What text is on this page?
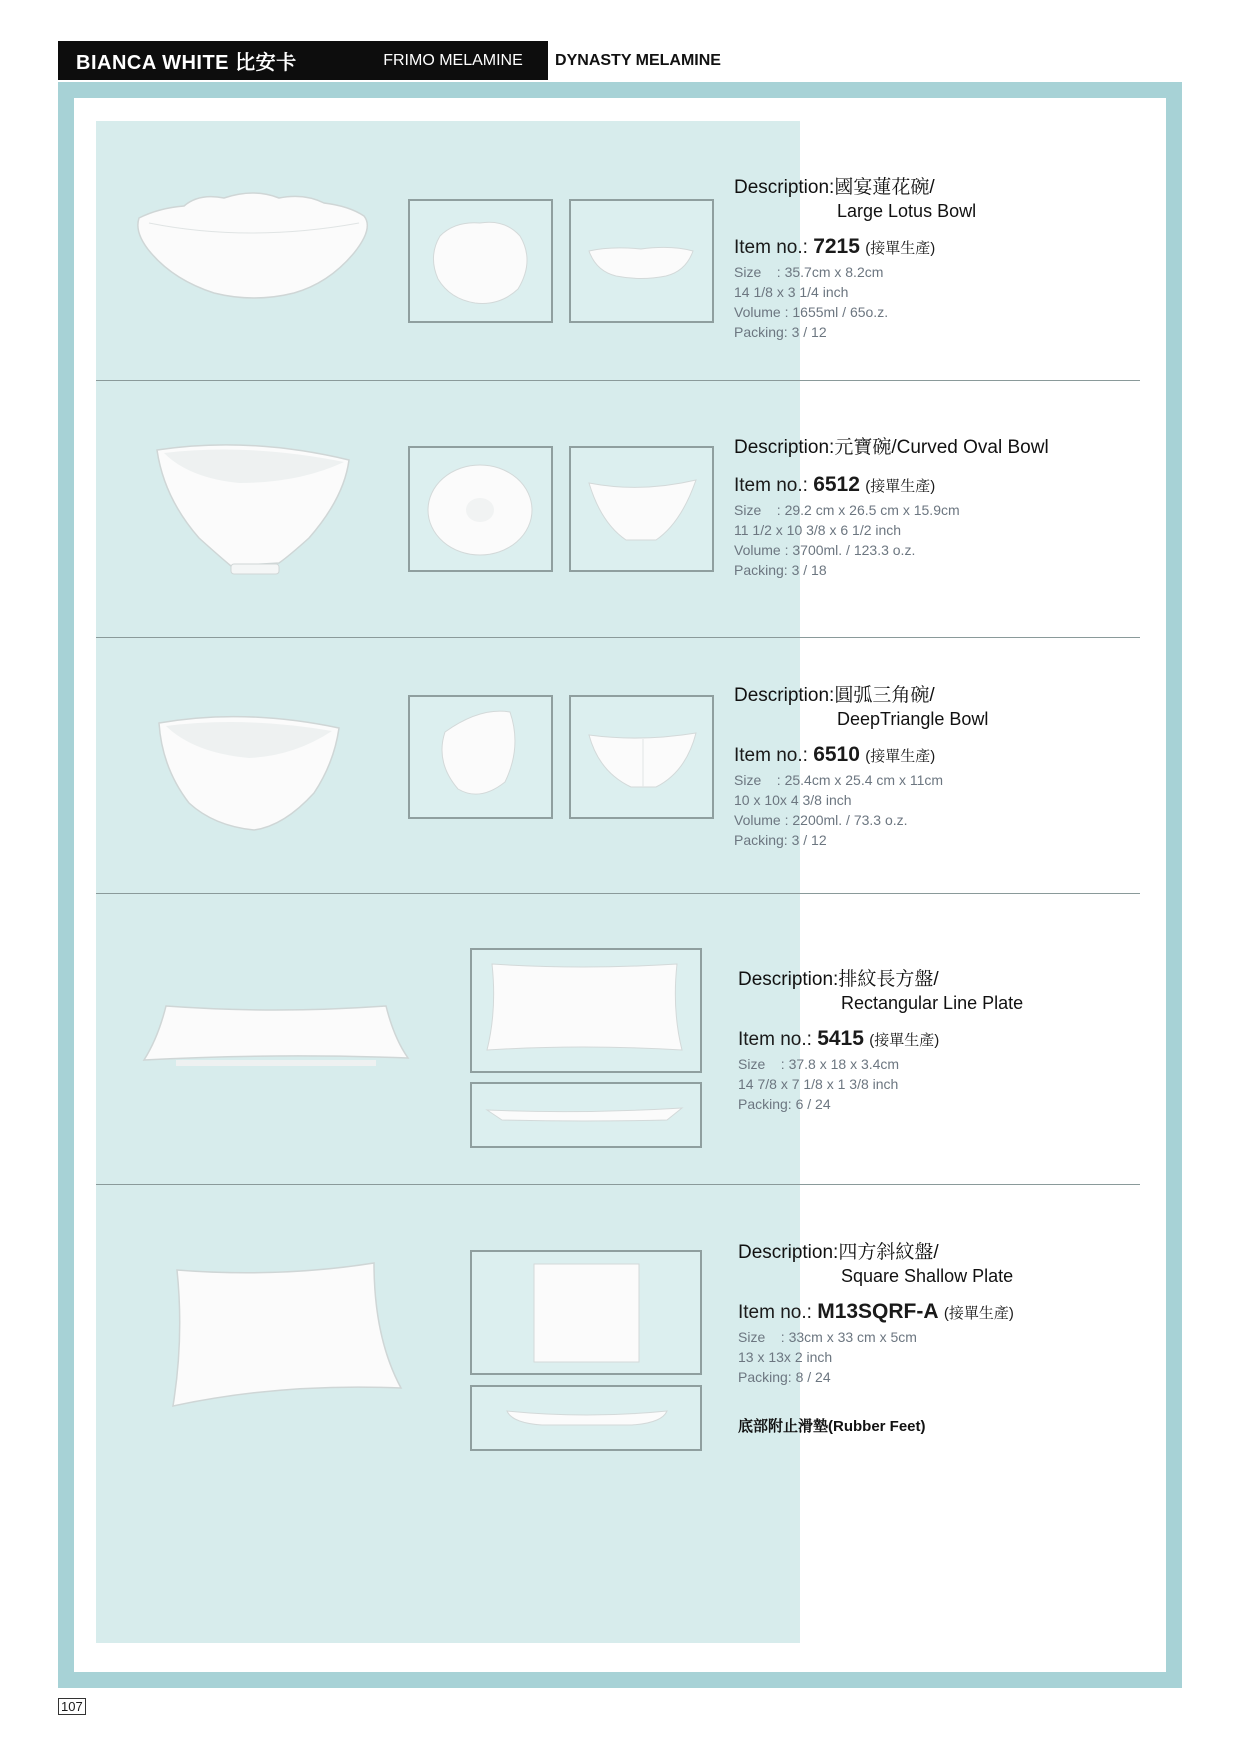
BIANCA WHITE 比安卡	FRIMO MELAMINE	DYNASTY MELAMINE
Description:國宴蓮花碗/
Large Lotus Bowl
Item no.: 7215 (接單生產)
Size : 35.7cm x 8.2cm
14 1/8 x 3 1/4 inch
Volume : 1655ml / 65o.z.
Packing: 3 / 12
Description:元寶碗/Curved Oval Bowl
Item no.: 6512 (接單生產)
Size : 29.2 cm x 26.5 cm x 15.9cm
11 1/2 x 10 3/8 x 6 1/2 inch
Volume : 3700ml. / 123.3 o.z.
Packing: 3 / 18
Description:圓弧三角碗/
DeepTriangle Bowl
Item no.: 6510 (接單生產)
Size : 25.4cm x 25.4 cm x 11cm
10 x 10x 4 3/8 inch
Volume : 2200ml. / 73.3 o.z.
Packing: 3 / 12
Description:排紋長方盤/
Rectangular Line Plate
Item no.: 5415 (接單生產)
Size : 37.8 x 18 x 3.4cm
14 7/8 x 7 1/8 x 1 3/8 inch
Packing: 6 / 24
Description:四方斜紋盤/
Square Shallow Plate
Item no.: M13SQRF-A (接單生產)
Size : 33cm x 33 cm x 5cm
13 x 13x 2 inch
Packing: 8 / 24
底部附止滑墊(Rubber Feet)
107
